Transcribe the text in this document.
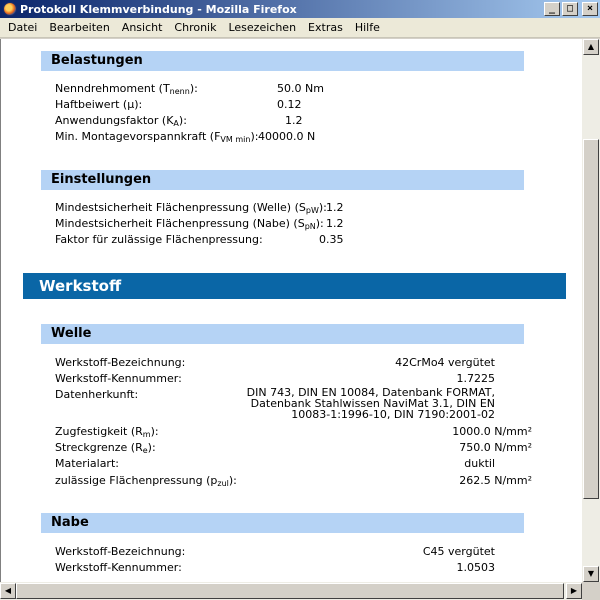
Protokoll Klemmverbindung - Mozilla Firefox	_	□	×
Datei	Bearbeiten	Ansicht	Chronik	Lesezeichen	Extras	Hilfe
Belastungen
Nenndrehmoment $(T_{nenn})$:	50.0 Nm
Haftbeiwert (μ):	0.12
Anwendungsfaktor $(K_A)$:	1.2
Min. Montagevorspannkraft $(F_{VM min})$: 40000.0 N
Einstellungen
Mindestsicherheit Flächenpressung (Welle) $(S_{pW})$: 1.2
Mindestsicherheit Flächenpressung (Nabe) $(S_{pN})$: 1.2
Faktor für zulässige Flächenpressung:	0.35
Werkstoff
Welle
Werkstoff-Bezeichnung:	42CrMo4 vergütet
Werkstoff-Kennummer:	1.7225
Datenherkunft:	DIN 743, DIN EN 10084, Datenbank FORMAT,
Datenbank Stahlwissen NaviMat 3.1, DIN EN
10083-1:1996-10, DIN 7190:2001-02
Zugfestigkeit $(R_m)$:	1000.0 N/mm²
Streckgrenze $(R_e)$:	750.0 N/mm²
Materialart:	duktil
zulässige Flächenpressung $(p_{zul})$:	262.5 N/mm²
Nabe
Werkstoff-Bezeichnung:	C45 vergütet
Werkstoff-Kennummer:	1.0503
▲
▼
◀	▶
